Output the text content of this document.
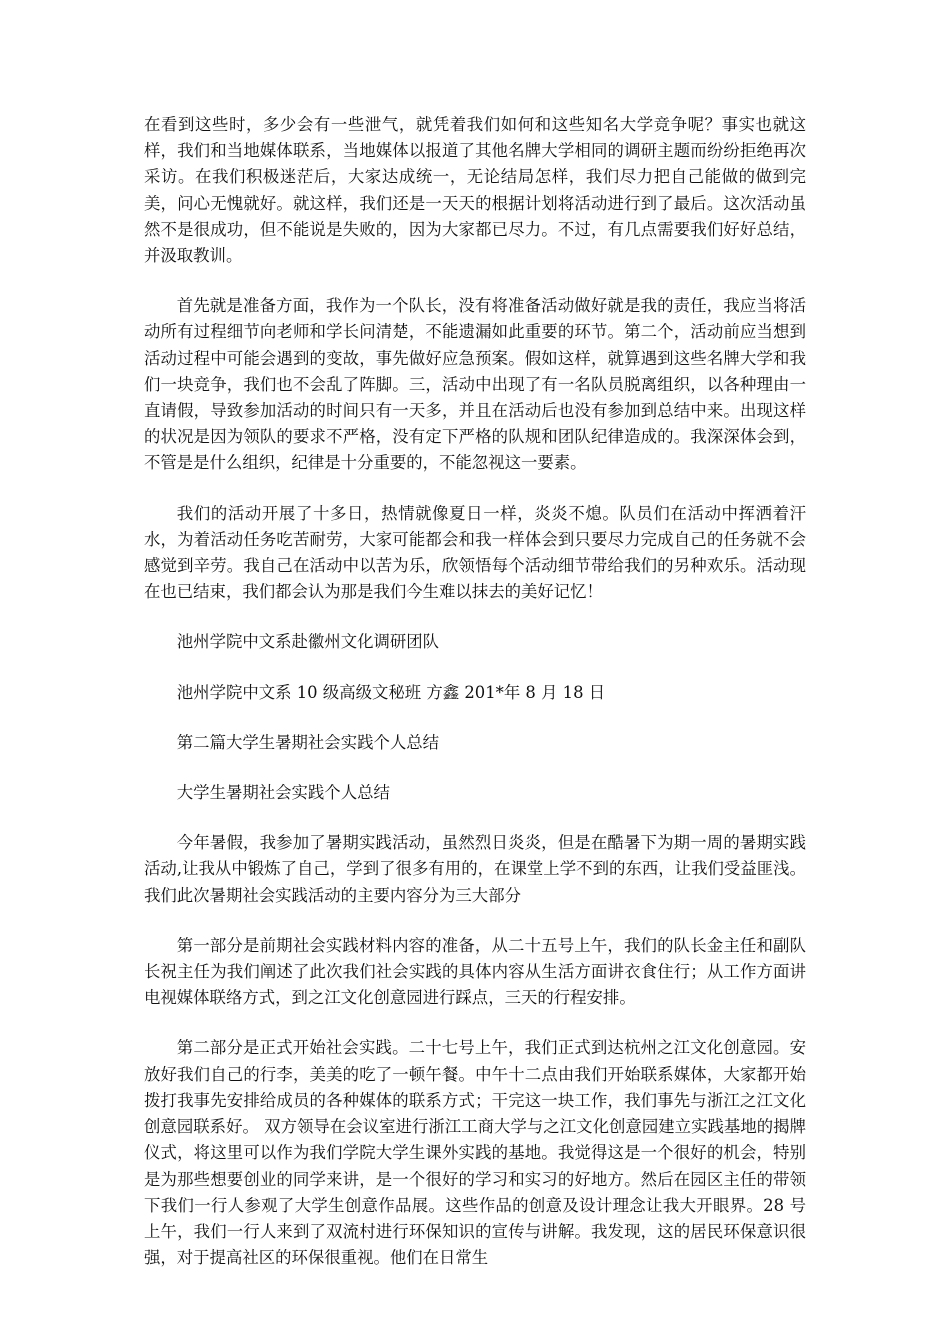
在看到这些时，多少会有一些泄气，就凭着我们如何和这些知名大学竞争呢？事实也就这样，我们和当地媒体联系，当地媒体以报道了其他名牌大学相同的调研主题而纷纷拒绝再次采访。在我们积极迷茫后，大家达成统一，无论结局怎样，我们尽力把自己能做的做到完美，问心无愧就好。就这样，我们还是一天天的根据计划将活动进行到了最后。这次活动虽然不是很成功，但不能说是失败的，因为大家都已尽力。不过，有几点需要我们好好总结，并汲取教训。

首先就是准备方面，我作为一个队长，没有将准备活动做好就是我的责任，我应当将活动所有过程细节向老师和学长问清楚，不能遗漏如此重要的环节。第二个，活动前应当想到活动过程中可能会遇到的变故，事先做好应急预案。假如这样，就算遇到这些名牌大学和我们一块竞争，我们也不会乱了阵脚。三，活动中出现了有一名队员脱离组织，以各种理由一直请假，导致参加活动的时间只有一天多，并且在活动后也没有参加到总结中来。出现这样的状况是因为领队的要求不严格，没有定下严格的队规和团队纪律造成的。我深深体会到，不管是是什么组织，纪律是十分重要的，不能忽视这一要素。

我们的活动开展了十多日，热情就像夏日一样，炎炎不熄。队员们在活动中挥洒着汗水，为着活动任务吃苦耐劳，大家可能都会和我一样体会到只要尽力完成自己的任务就不会感觉到辛劳。我自己在活动中以苦为乐，欣领悟每个活动细节带给我们的另种欢乐。活动现在也已结束，我们都会认为那是我们今生难以抹去的美好记忆！

池州学院中文系赴徽州文化调研团队

池州学院中文系 10 级高级文秘班 方鑫 201*年 8 月 18 日

第二篇大学生暑期社会实践个人总结

大学生暑期社会实践个人总结

今年暑假，我参加了暑期实践活动，虽然烈日炎炎，但是在酷暑下为期一周的暑期实践活动,让我从中锻炼了自己，学到了很多有用的，在课堂上学不到的东西，让我们受益匪浅。 我们此次暑期社会实践活动的主要内容分为三大部分

第一部分是前期社会实践材料内容的准备，从二十五号上午，我们的队长金主任和副队长祝主任为我们阐述了此次我们社会实践的具体内容从生活方面讲衣食住行；从工作方面讲电视媒体联络方式，到之江文化创意园进行踩点，三天的行程安排。

第二部分是正式开始社会实践。二十七号上午，我们正式到达杭州之江文化创意园。安放好我们自己的行李，美美的吃了一顿午餐。中午十二点由我们开始联系媒体，大家都开始拨打我事先安排给成员的各种媒体的联系方式；干完这一块工作，我们事先与浙江之江文化创意园联系好。 双方领导在会议室进行浙江工商大学与之江文化创意园建立实践基地的揭牌仪式，将这里可以作为我们学院大学生课外实践的基地。我觉得这是一个很好的机会，特别是为那些想要创业的同学来讲，是一个很好的学习和实习的好地方。然后在园区主任的带领下我们一行人参观了大学生创意作品展。这些作品的创意及设计理念让我大开眼界。28 号上午，我们一行人来到了双流村进行环保知识的宣传与讲解。我发现，这的居民环保意识很强，对于提高社区的环保很重视。他们在日常生
